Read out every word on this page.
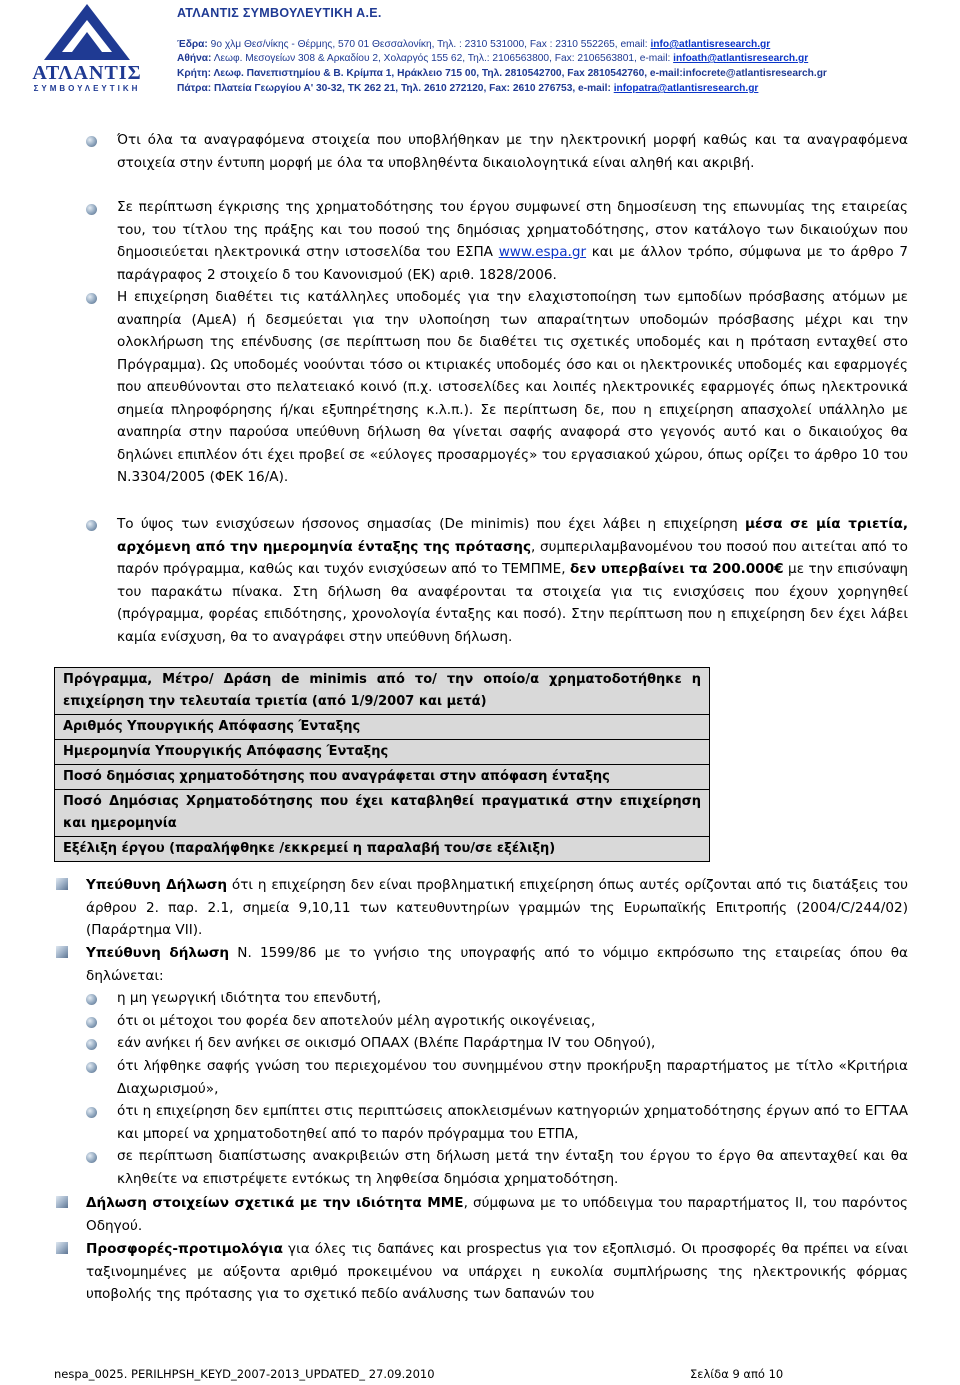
ΑΤΛΑΝΤΙΣ
ΣΥΜΒΟΥΛΕΥΤΙΚΗ
ΑΤΛΑΝΤΙΣ ΣΥΜΒΟΥΛΕΥΤΙΚΗ Α.Ε.
Έδρα: 9ο χλμ Θεσ/νίκης - Θέρμης, 570 01 Θεσσαλονίκη, Τηλ. : 2310 531000, Fax : 2310 552265, email: info@atlantisresearch.gr
Αθήνα: Λεωφ. Μεσογείων 308 & Αρκαδίου 2, Χολαργός 155 62, Τηλ.: 2106563800, Fax: 2106563801, e-mail: infoath@atlantisresearch.gr
Κρήτη: Λεωφ. Πανεπιστημίου & Β. Κρίμπα 1, Ηράκλειο 715 00, Τηλ. 2810542700, Fax 2810542760, e-mail:infocrete@atlantisresearch.gr
Πάτρα: Πλατεία Γεωργίου Α' 30-32, ΤΚ 262 21, Τηλ. 2610 272120, Fax: 2610 276753, e-mail: infopatra@atlantisresearch.gr
Ότι όλα τα αναγραφόμενα στοιχεία που υποβλήθηκαν με την ηλεκτρονική μορφή καθώς και τα αναγραφόμενα στοιχεία στην έντυπη μορφή με όλα τα υποβληθέντα δικαιολογητικά είναι αληθή και ακριβή.
Σε περίπτωση έγκρισης της χρηματοδότησης του έργου συμφωνεί στη δημοσίευση της επωνυμίας της εταιρείας του, του τίτλου της πράξης και του ποσού της δημόσιας χρηματοδότησης, στον κατάλογο των δικαιούχων που δημοσιεύεται ηλεκτρονικά στην ιστοσελίδα του ΕΣΠΑ www.espa.gr και με άλλον τρόπο, σύμφωνα με το άρθρο 7 παράγραφος 2 στοιχείο δ του Κανονισμού (ΕΚ) αριθ. 1828/2006.
Η επιχείρηση διαθέτει τις κατάλληλες υποδομές για την ελαχιστοποίηση των εμποδίων πρόσβασης ατόμων με αναπηρία (ΑμεΑ) ή δεσμεύεται για την υλοποίηση των απαραίτητων υποδομών πρόσβασης μέχρι και την ολοκλήρωση της επένδυσης (σε περίπτωση που δε διαθέτει τις σχετικές υποδομές και η πρόταση ενταχθεί στο Πρόγραμμα). Ως υποδομές νοούνται τόσο οι κτιριακές υποδομές όσο και οι ηλεκτρονικές υποδομές και εφαρμογές που απευθύνονται στο πελατειακό κοινό (π.χ. ιστοσελίδες και λοιπές ηλεκτρονικές εφαρμογές όπως ηλεκτρονικά σημεία πληροφόρησης ή/και εξυπηρέτησης κ.λ.π.). Σε περίπτωση δε, που η επιχείρηση απασχολεί υπάλληλο με αναπηρία στην παρούσα υπεύθυνη δήλωση θα γίνεται σαφής αναφορά στο γεγονός αυτό και ο δικαιούχος θα δηλώνει επιπλέον ότι έχει προβεί σε «εύλογες προσαρμογές» του εργασιακού χώρου, όπως ορίζει το άρθρο 10 του Ν.3304/2005 (ΦΕΚ 16/Α).
Το ύψος των ενισχύσεων ήσσονος σημασίας (De minimis) που έχει λάβει η επιχείρηση μέσα σε μία τριετία, αρχόμενη από την ημερομηνία ένταξης της πρότασης, συμπεριλαμβανομένου του ποσού που αιτείται από το παρόν πρόγραμμα, καθώς και τυχόν ενισχύσεων από το ΤΕΜΠΜΕ, δεν υπερβαίνει τα 200.000€ με την επισύναψη του παρακάτω πίνακα. Στη δήλωση θα αναφέρονται τα στοιχεία για τις ενισχύσεις που έχουν χορηγηθεί (πρόγραμμα, φορέας επιδότησης, χρονολογία ένταξης και ποσό). Στην περίπτωση που η επιχείρηση δεν έχει λάβει καμία ενίσχυση, θα το αναγράφει στην υπεύθυνη δήλωση.
Πρόγραμμα, Μέτρο/ Δράση de minimis από το/ την οποίο/α χρηματοδοτήθηκε η επιχείρηση την τελευταία τριετία (από 1/9/2007 και μετά)
Αριθμός Υπουργικής Απόφασης Ένταξης
Ημερομηνία Υπουργικής Απόφασης Ένταξης
Ποσό δημόσιας χρηματοδότησης που αναγράφεται στην απόφαση ένταξης
Ποσό Δημόσιας Χρηματοδότησης που έχει καταβληθεί πραγματικά στην επιχείρηση και ημερομηνία
Εξέλιξη έργου (παραλήφθηκε /εκκρεμεί η παραλαβή του/σε εξέλιξη)
Υπεύθυνη Δήλωση ότι η επιχείρηση δεν είναι προβληματική επιχείρηση όπως αυτές ορίζονται από τις διατάξεις του άρθρου 2. παρ. 2.1, σημεία 9,10,11 των κατευθυντηρίων γραμμών της Ευρωπαϊκής Επιτροπής (2004/C/244/02) (Παράρτημα VII).
Υπεύθυνη δήλωση Ν. 1599/86 με το γνήσιο της υπογραφής από το νόμιμο εκπρόσωπο της εταιρείας όπου θα δηλώνεται:
η μη γεωργική ιδιότητα του επενδυτή,
ότι οι μέτοχοι του φορέα δεν αποτελούν μέλη αγροτικής οικογένειας,
εάν ανήκει ή δεν ανήκει σε οικισμό ΟΠΑΑΧ (Βλέπε Παράρτημα IV του Οδηγού),
ότι λήφθηκε σαφής γνώση του περιεχομένου του συνημμένου στην προκήρυξη παραρτήματος με τίτλο «Κριτήρια Διαχωρισμού»,
ότι η επιχείρηση δεν εμπίπτει στις περιπτώσεις αποκλεισμένων κατηγοριών χρηματοδότησης έργων από το ΕΓΤΑΑ και μπορεί να χρηματοδοτηθεί από το παρόν πρόγραμμα του ΕΤΠΑ,
σε περίπτωση διαπίστωσης ανακριβειών στη δήλωση μετά την ένταξη του έργου το έργο θα απενταχθεί και θα κληθείτε να επιστρέψετε εντόκως τη ληφθείσα δημόσια χρηματοδότηση.
Δήλωση στοιχείων σχετικά με την ιδιότητα ΜΜΕ, σύμφωνα με το υπόδειγμα του παραρτήματος ΙΙ, του παρόντος Οδηγού.
Προσφορές-προτιμολόγια για όλες τις δαπάνες και prospectus για τον εξοπλισμό. Οι προσφορές θα πρέπει να είναι ταξινομημένες με αύξοντα αριθμό προκειμένου να υπάρχει η ευκολία συμπλήρωσης της ηλεκτρονικής φόρμας υποβολής της πρότασης για το σχετικό πεδίο ανάλυσης των δαπανών του
nespa_0025. PERILHPSH_KEYD_2007-2013_UPDATED_ 27.09.2010	Σελίδα 9 από 10
